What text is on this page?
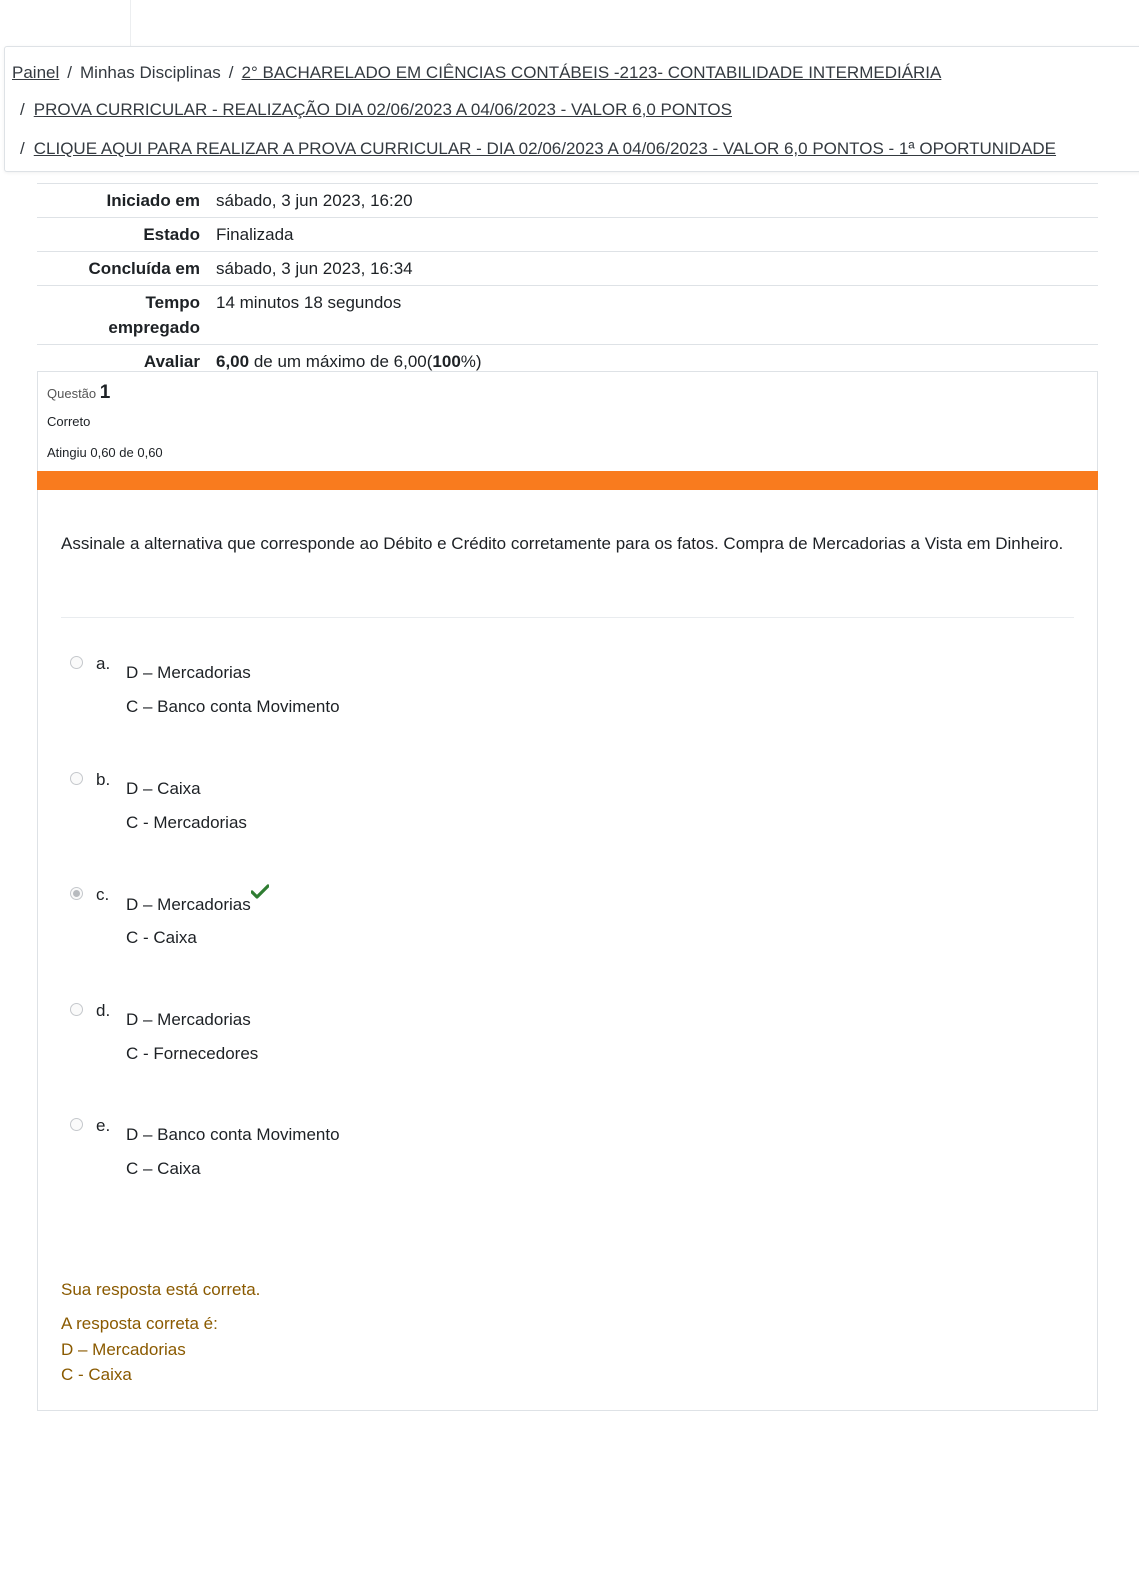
Painel / Minhas Disciplinas / 2° BACHARELADO EM CIÊNCIAS CONTÁBEIS -2123- CONTABILIDADE INTERMEDIÁRIA
/ PROVA CURRICULAR - REALIZAÇÃO DIA 02/06/2023 A 04/06/2023 - VALOR 6,0 PONTOS
/ CLIQUE AQUI PARA REALIZAR A PROVA CURRICULAR - DIA 02/06/2023 A 04/06/2023 - VALOR 6,0 PONTOS - 1ª OPORTUNIDADE
Iniciado em	sábado, 3 jun 2023, 16:20
Estado	Finalizada
Concluída em	sábado, 3 jun 2023, 16:34
Tempo
empregado	14 minutos 18 segundos
Avaliar	6,00 de um máximo de 6,00(100%)
Questão 1
Correto
Atingiu 0,60 de 0,60
Assinale a alternativa que corresponde ao Débito e Crédito corretamente para os fatos. Compra de Mercadorias a Vista em Dinheiro.
a. D – Mercadorias
C – Banco conta Movimento
b. D – Caixa
C - Mercadorias
c.
D – Mercadorias
C - Caixa
d. D – Mercadorias
C - Fornecedores
e. D – Banco conta Movimento
C – Caixa
Sua resposta está correta.
A resposta correta é:
D – Mercadorias
C - Caixa
